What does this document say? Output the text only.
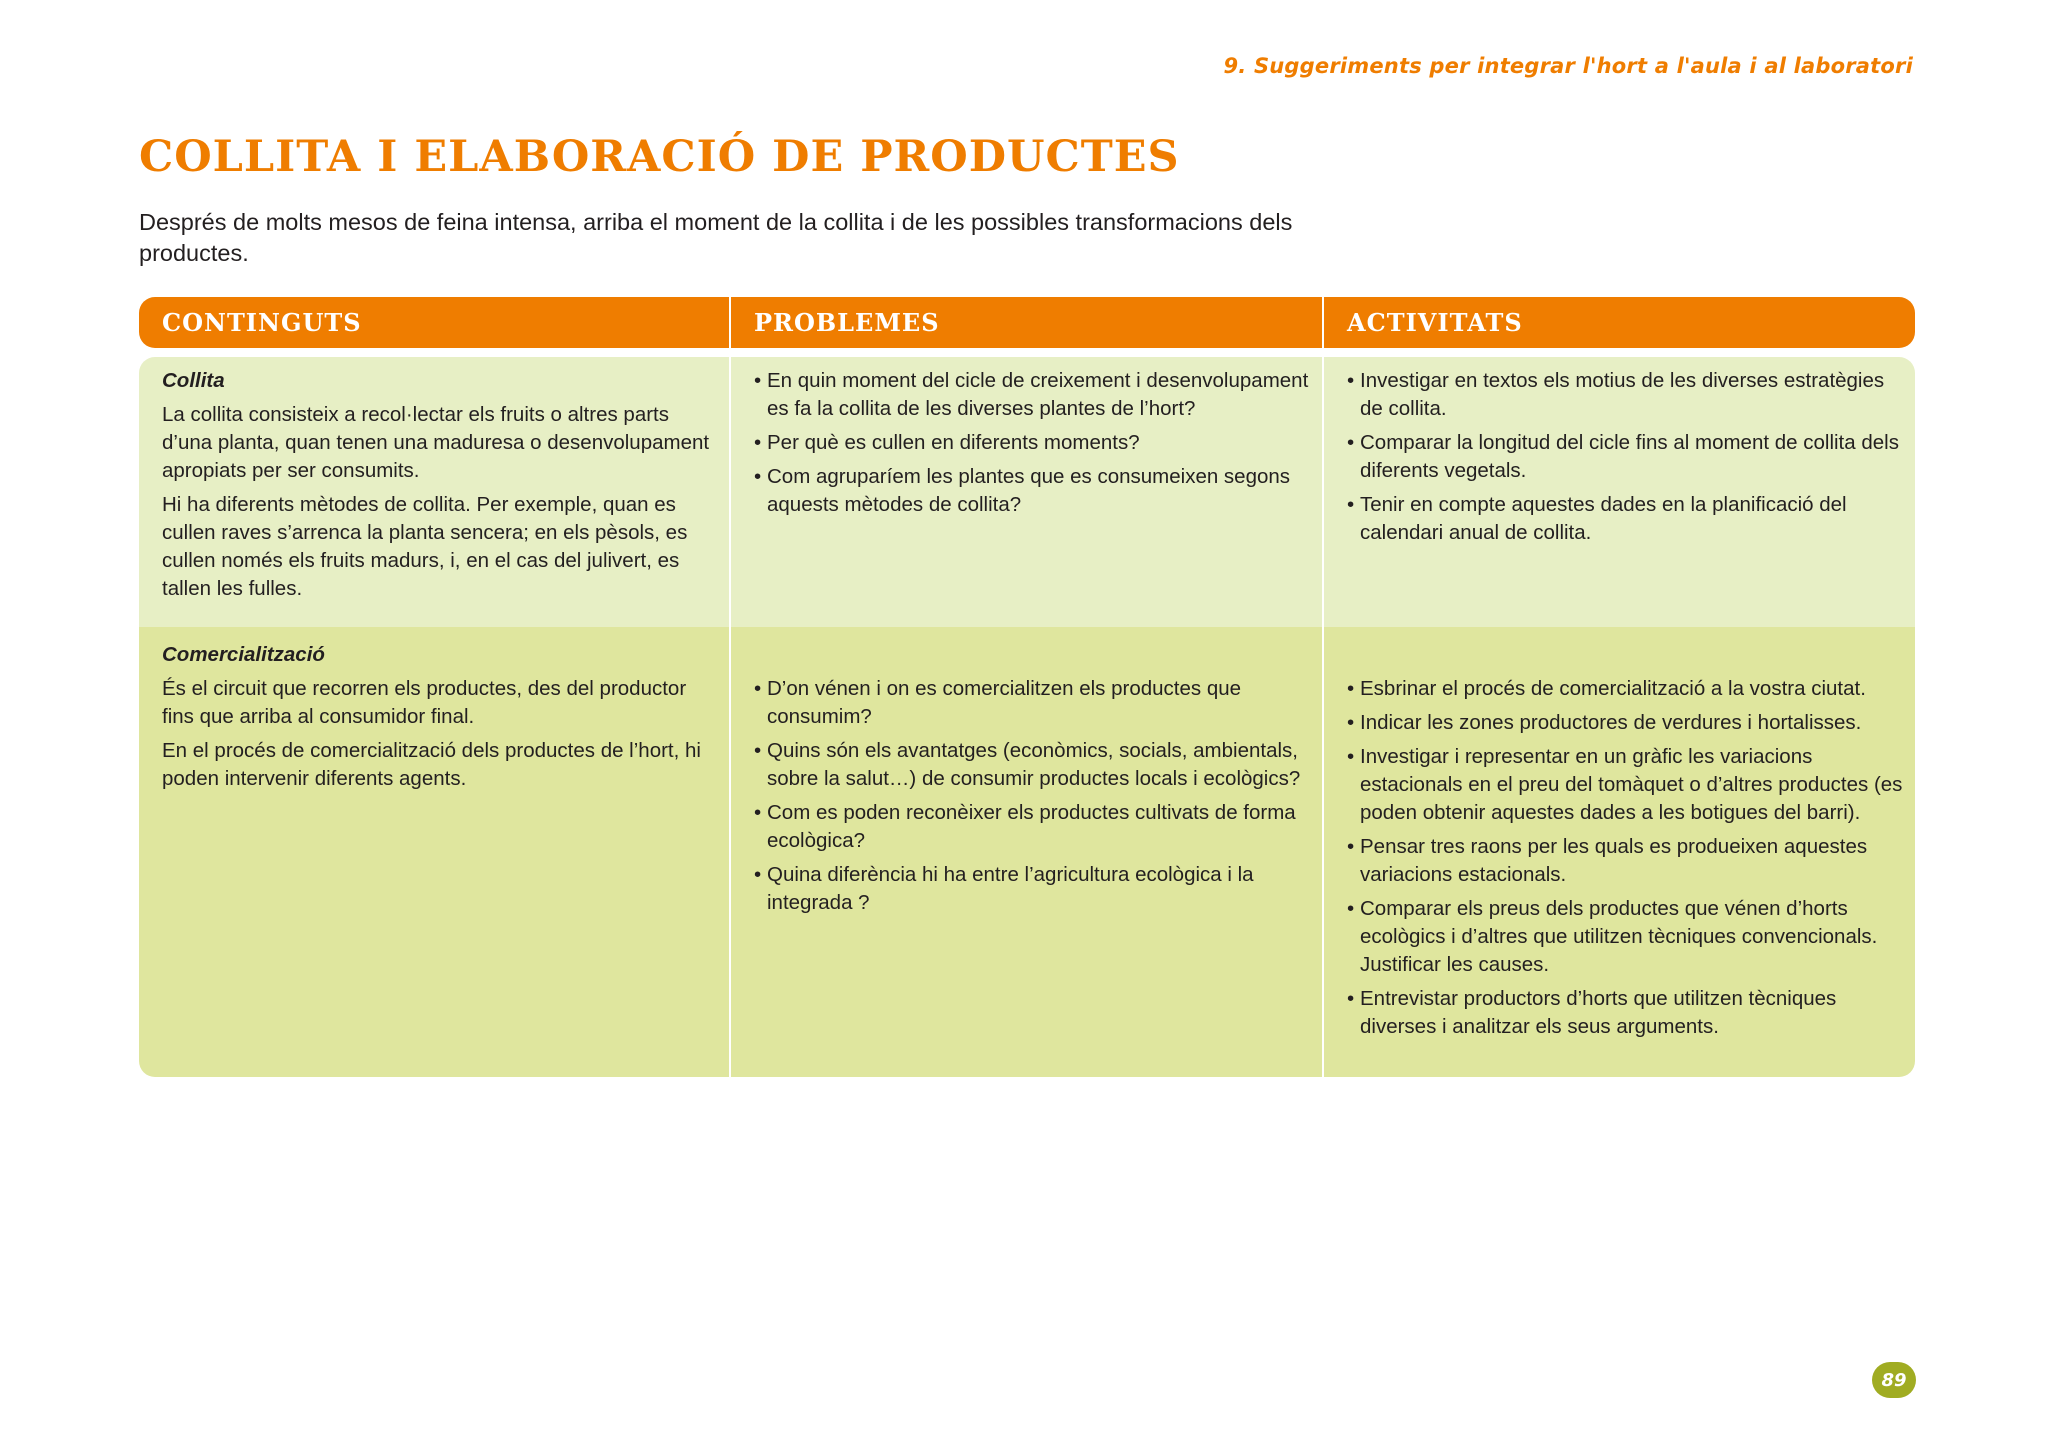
9. Suggeriments per integrar l'hort a l'aula i al laboratori
COLLITA I ELABORACIÓ DE PRODUCTES

Després de molts mesos de feina intensa, arriba el moment de la collita i de les possibles transformacions dels productes.

CONTINGUTS	PROBLEMES	ACTIVITATS
Collita

La collita consisteix a recol·lectar els fruits o altres parts d’una planta, quan tenen una maduresa o desenvolupament apropiats per ser consumits.

Hi ha diferents mètodes de collita. Per exemple, quan es cullen raves s’arrenca la planta sencera; en els pèsols, es cullen només els fruits madurs, i, en el cas del julivert, es tallen les fulles.

• En quin moment del cicle de creixement i desenvolupament es fa la collita de les diverses plantes de l’hort?
• Per què es cullen en diferents moments?
• Com agruparíem les plantes que es consumeixen segons aquests mètodes de collita?
• Investigar en textos els motius de les diverses estratègies de collita.
• Comparar la longitud del cicle fins al moment de collita dels diferents vegetals.
• Tenir en compte aquestes dades en la planificació del calendari anual de collita.
Comercialització

És el circuit que recorren els productes, des del productor fins que arriba al consumidor final.

En el procés de comercialització dels productes de l’hort, hi poden intervenir diferents agents.

• D’on vénen i on es comercialitzen els productes que consumim?
• Quins són els avantatges (econòmics, socials, ambientals, sobre la salut…) de consumir productes locals i ecològics?
• Com es poden reconèixer els productes cultivats de forma ecològica?
• Quina diferència hi ha entre l’agricultura ecològica i la integrada ?
• Esbrinar el procés de comercialització a la vostra ciutat.
• Indicar les zones productores de verdures i hortalisses.
• Investigar i representar en un gràfic les variacions estacionals en el preu del tomàquet o d’altres productes (es poden obtenir aquestes dades a les botigues del barri).
• Pensar tres raons per les quals es produeixen aquestes variacions estacionals.
• Comparar els preus dels productes que vénen d’horts ecològics i d’altres que utilitzen tècniques convencionals. Justificar les causes.
• Entrevistar productors d’horts que utilitzen tècniques diverses i analitzar els seus arguments.
89
